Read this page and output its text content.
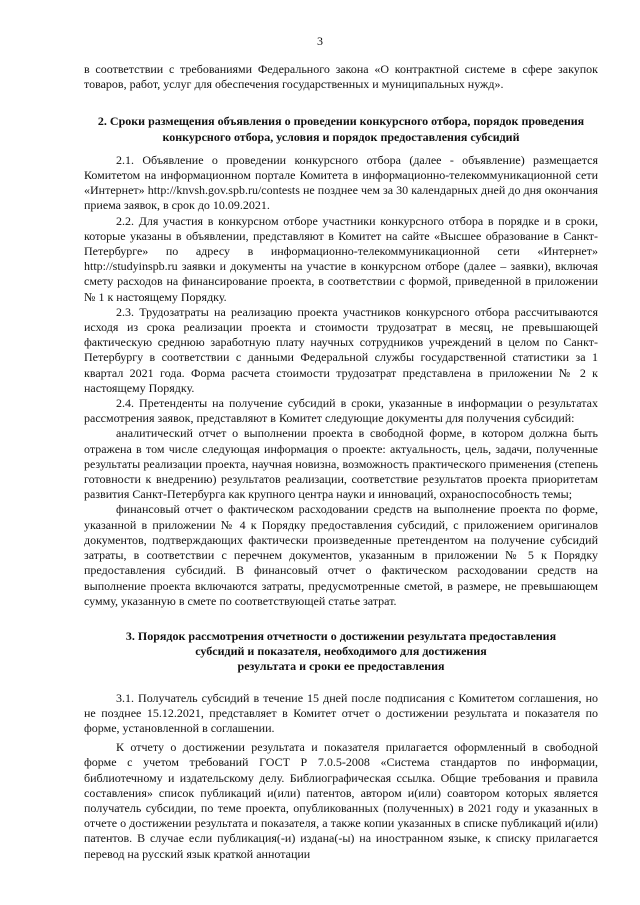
3

в соответствии с требованиями Федерального закона «О контрактной системе в сфере закупок товаров, работ, услуг для обеспечения государственных и муниципальных нужд».

2. Сроки размещения объявления о проведении конкурсного отбора, порядок проведения конкурсного отбора, условия и порядок предоставления субсидий

2.1. Объявление о проведении конкурсного отбора (далее - объявление) размещается Комитетом на информационном портале Комитета в информационно-телекоммуникационной сети «Интернет» http://knvsh.gov.spb.ru/contests не позднее чем за 30 календарных дней до дня окончания приема заявок, в срок до 10.09.2021.

2.2. Для участия в конкурсном отборе участники конкурсного отбора в порядке и в сроки, которые указаны в объявлении, представляют в Комитет на сайте «Высшее образование в Санкт-Петербурге» по адресу в информационно-телекоммуникационной сети «Интернет» http://studyinspb.ru заявки и документы на участие в конкурсном отборе (далее – заявки), включая смету расходов на финансирование проекта, в соответствии с формой, приведенной в приложении № 1 к настоящему Порядку.

2.3. Трудозатраты на реализацию проекта участников конкурсного отбора рассчитываются исходя из срока реализации проекта и стоимости трудозатрат в месяц, не превышающей фактическую среднюю заработную плату научных сотрудников учреждений в целом по Санкт-Петербургу в соответствии с данными Федеральной службы государственной статистики за 1 квартал 2021 года. Форма расчета стоимости трудозатрат представлена в приложении № 2 к настоящему Порядку.

2.4. Претенденты на получение субсидий в сроки, указанные в информации о результатах рассмотрения заявок, представляют в Комитет следующие документы для получения субсидий:

аналитический отчет о выполнении проекта в свободной форме, в котором должна быть отражена в том числе следующая информация о проекте: актуальность, цель, задачи, полученные результаты реализации проекта, научная новизна, возможность практического применения (степень готовности к внедрению) результатов реализации, соответствие результатов проекта приоритетам развития Санкт-Петербурга как крупного центра науки и инноваций, охраноспособность темы;

финансовый отчет о фактическом расходовании средств на выполнение проекта по форме, указанной в приложении № 4 к Порядку предоставления субсидий, с приложением оригиналов документов, подтверждающих фактически произведенные претендентом на получение субсидий затраты, в соответствии с перечнем документов, указанным в приложении № 5 к Порядку предоставления субсидий. В финансовый отчет о фактическом расходовании средств на выполнение проекта включаются затраты, предусмотренные сметой, в размере, не превышающем сумму, указанную в смете по соответствующей статье затрат.

3. Порядок рассмотрения отчетности о достижении результата предоставления
субсидий и показателя, необходимого для достижения
результата и сроки ее предоставления

3.1. Получатель субсидий в течение 15 дней после подписания с Комитетом соглашения, но не позднее 15.12.2021, представляет в Комитет отчет о достижении результата и показателя по форме, установленной в соглашении.

К отчету о достижении результата и показателя прилагается оформленный в свободной форме с учетом требований ГОСТ Р 7.0.5-2008 «Система стандартов по информации, библиотечному и издательскому делу. Библиографическая ссылка. Общие требования и правила составления» список публикаций и(или) патентов, автором и(или) соавтором которых является получатель субсидии, по теме проекта, опубликованных (полученных) в 2021 году и указанных в отчете о достижении результата и показателя, а также копии указанных в списке публикаций и(или) патентов. В случае если публикация(-и) издана(-ы) на иностранном языке, к списку прилагается перевод на русский язык краткой аннотации
